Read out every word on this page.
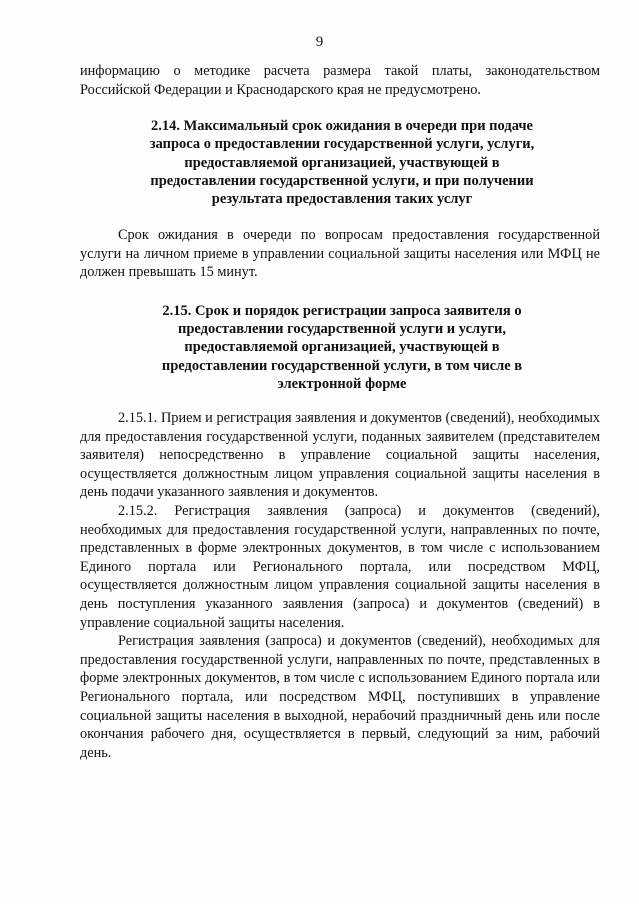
9

информацию о методике расчета размера такой платы, законодательством Российской Федерации и Краснодарского края не предусмотрено.

2.14. Максимальный срок ожидания в очереди при подаче запроса о предоставлении государственной услуги, услуги, предоставляемой организацией, участвующей в предоставлении государственной услуги, и при получении результата предоставления таких услуг

Срок ожидания в очереди по вопросам предоставления государственной услуги на личном приеме в управлении социальной защиты населения или МФЦ не должен превышать 15 минут.

2.15. Срок и порядок регистрации запроса заявителя о предоставлении государственной услуги и услуги, предоставляемой организацией, участвующей в предоставлении государственной услуги, в том числе в электронной форме

2.15.1. Прием и регистрация заявления и документов (сведений), необходимых для предоставления государственной услуги, поданных заявителем (представителем заявителя) непосредственно в управление социальной защиты населения, осуществляется должностным лицом управления социальной защиты населения в день подачи указанного заявления и документов.

2.15.2. Регистрация заявления (запроса) и документов (сведений), необходимых для предоставления государственной услуги, направленных по почте, представленных в форме электронных документов, в том числе с использованием Единого портала или Регионального портала, или посредством МФЦ, осуществляется должностным лицом управления социальной защиты населения в день поступления указанного заявления (запроса) и документов (сведений) в управление социальной защиты населения.

Регистрация заявления (запроса) и документов (сведений), необходимых для предоставления государственной услуги, направленных по почте, представленных в форме электронных документов, в том числе с использованием Единого портала или Регионального портала, или посредством МФЦ, поступивших в управление социальной защиты населения в выходной, нерабочий праздничный день или после окончания рабочего дня, осуществляется в первый, следующий за ним, рабочий день.
